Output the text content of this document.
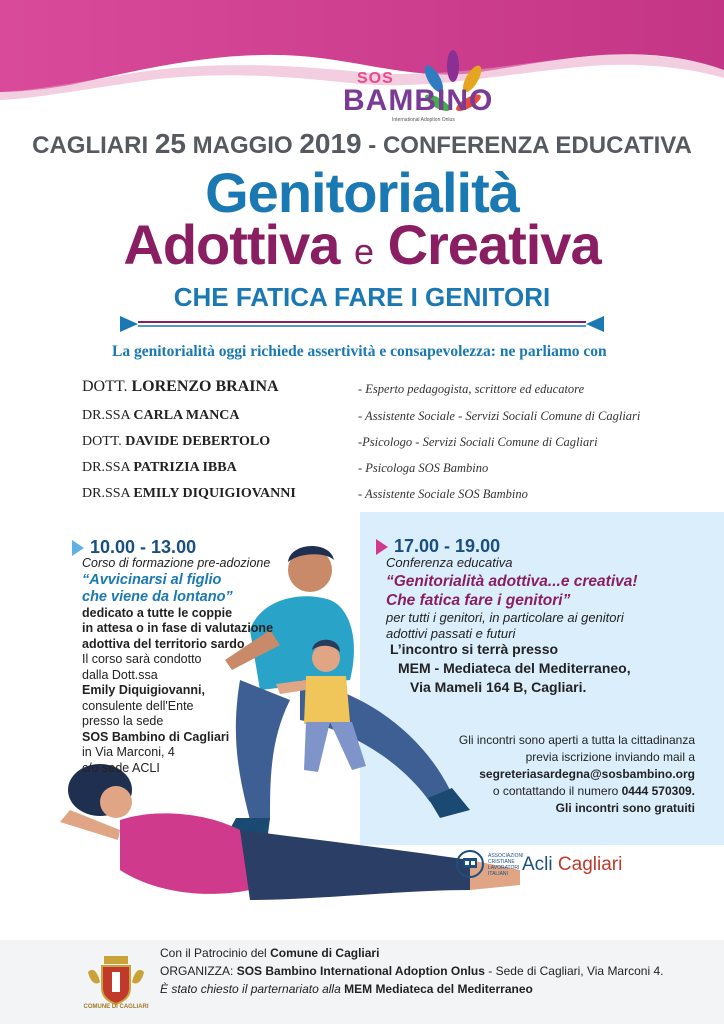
SOS
BAMBINO
International Adoption Onlus
CAGLIARI 25 MAGGIO 2019 - CONFERENZA EDUCATIVA
Genitorialità
Adottiva e Creativa
CHE FATICA FARE I GENITORI
La genitorialità oggi richiede assertività e consapevolezza: ne parliamo con
DOTT. LORENZO BRAINA	- Esperto pedagogista, scrittore ed educatore
DR.SSA CARLA MANCA	- Assistente Sociale - Servizi Sociali Comune di Cagliari
DOTT. DAVIDE DEBERTOLO	-Psicologo - Servizi Sociali Comune di Cagliari
DR.SSA PATRIZIA IBBA	- Psicologa SOS Bambino
DR.SSA EMILY DIQUIGIOVANNI	- Assistente Sociale SOS Bambino
10.00 - 13.00
Corso di formazione pre-adozione
“Avvicinarsi al figlio
che viene da lontano”
dedicato a tutte le coppie
in attesa o in fase di valutazione
adottiva del territorio sardo
Il corso sarà condotto
dalla Dott.ssa
Emily Diquigiovanni,
consulente dell'Ente
presso la sede
SOS Bambino di Cagliari
in Via Marconi, 4
c/o sede ACLI
17.00 - 19.00
Conferenza educativa
“Genitorialità adottiva...e creativa!
Che fatica fare i genitori”
per tutti i genitori, in particolare ai genitori
adottivi passati e futuri
L’incontro si terrà presso
MEM - Mediateca del Mediterraneo,
Via Mameli 164 B, Cagliari.
Gli incontri sono aperti a tutta la cittadinanza
previa iscrizione inviando mail a
segreteriasardegna@sosbambino.org
o contattando il numero 0444 570309.
Gli incontri sono gratuiti
ASSOCIAZIONI CRISTIANE LAVORATORI ITALIANI Acli Cagliari
COMUNE DI CAGLIARI
Con il Patrocinio del Comune di Cagliari
ORGANIZZA: SOS Bambino International Adoption Onlus - Sede di Cagliari, Via Marconi 4.
È stato chiesto il parternariato alla MEM Mediateca del Mediterraneo
